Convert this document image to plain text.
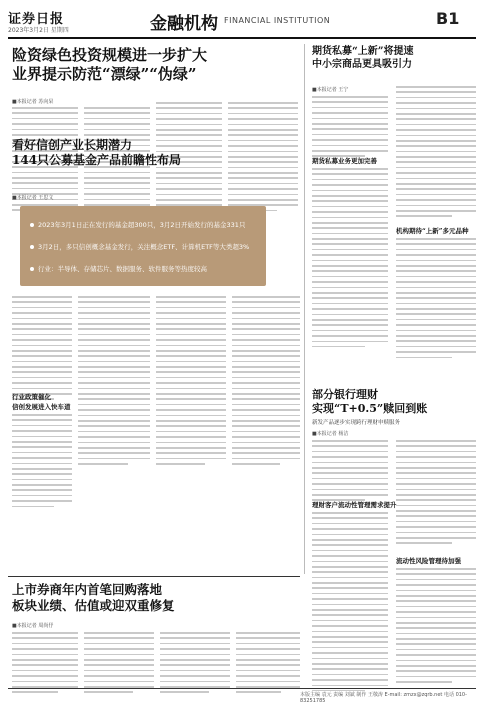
证券日报
2023年3月2日 星期四	金融机构 FINANCIAL INSTITUTION	B1
险资绿色投资规模进一步扩大
业界提示防范“漂绿”“伪绿”
■本报记者 苏向杲
期货私募“上新”将提速
中小宗商品更具吸引力
■本报记者 王宁
期货私募业务更加完善
机构期待“上新”多元品种
看好信创产业长期潜力
144只公募基金产品前瞻性布局
■本报记者 王思文
2023年3月1日正在发行的基金超300只，3月2日开始发行的基金331只
3月2日，多只信创概念基金发行，关注概念ETF、计算机ETF等大类超3%
行业：半导体、存储芯片、数据服务、软件服务等热度较高
行业政策催化
信创发展进入快车道
部分银行理财
实现“T+0.5”赎回到账
新发产品逐步实现跨行理财申赎服务
■本报记者 杨洁
理财客户流动性管理需求提升
流动性风险管理待加强
上市券商年内首笔回购落地
板块业绩、估值或迎双重修复
■本报记者 周尚伃
本版主编 袁元 责编 刘斌 制作 王敬涛 E-mail: zmzx@zqrb.net 电话 010-83251785
